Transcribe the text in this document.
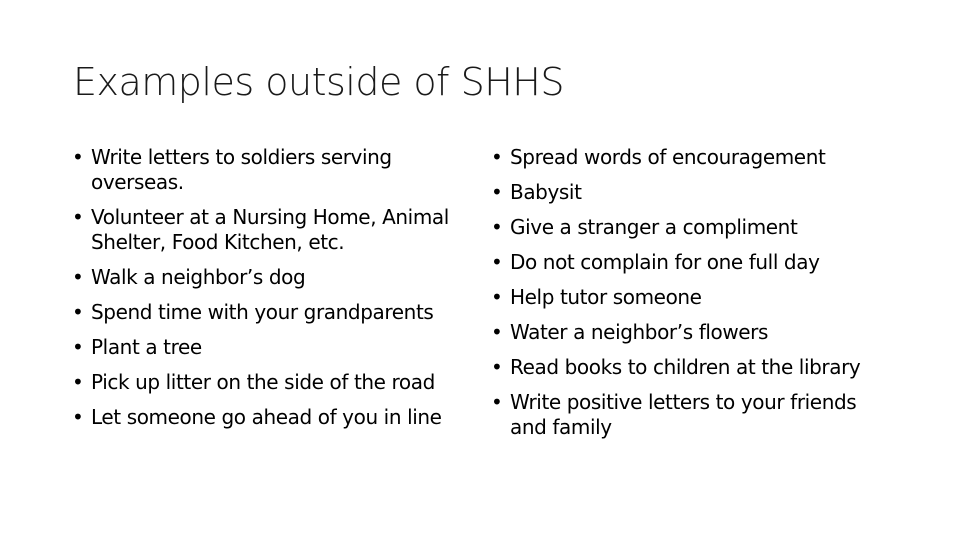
Examples outside of SHHS
• Write letters to soldiers serving overseas.
• Volunteer at a Nursing Home, Animal Shelter, Food Kitchen, etc.
• Walk a neighbor’s dog
• Spend time with your grandparents
• Plant a tree
• Pick up litter on the side of the road
• Let someone go ahead of you in line
• Spread words of encouragement
• Babysit
• Give a stranger a compliment
• Do not complain for one full day
• Help tutor someone
• Water a neighbor’s flowers
• Read books to children at the library
• Write positive letters to your friends and family
